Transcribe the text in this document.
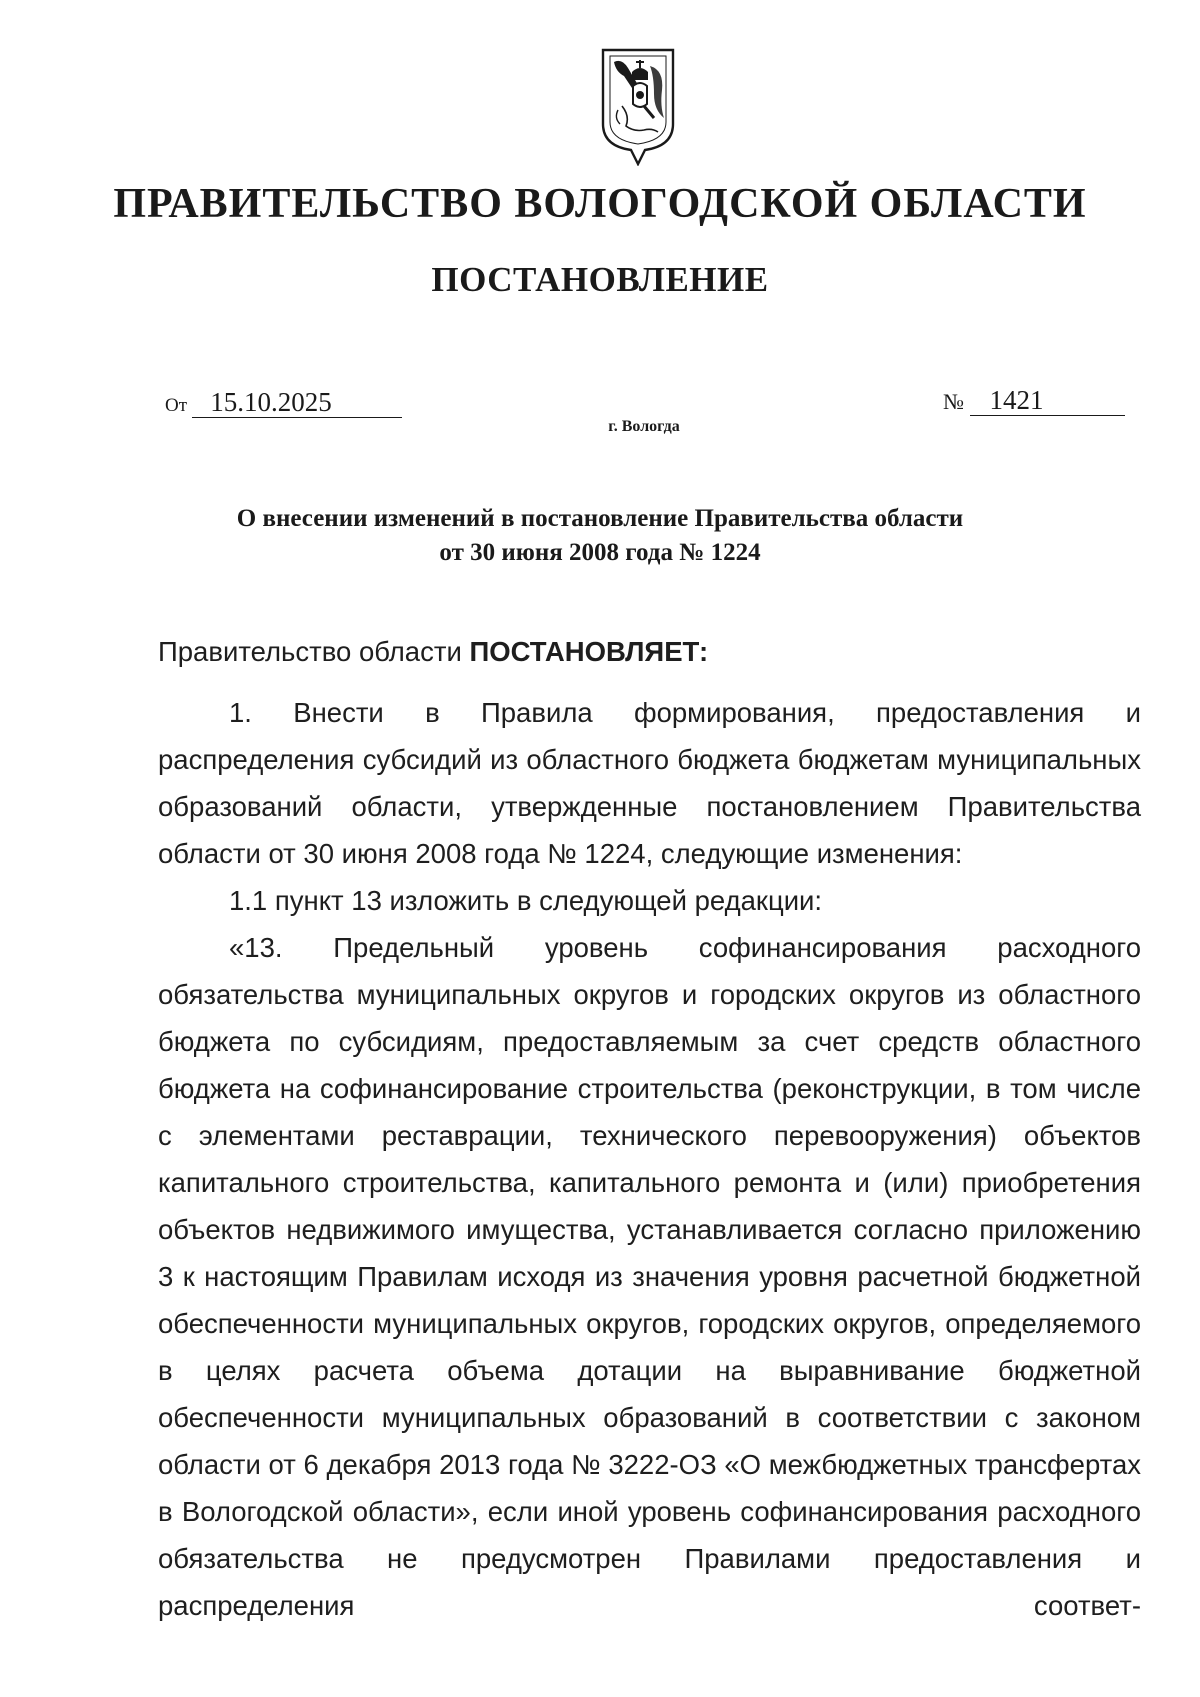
ПРАВИТЕЛЬСТВО ВОЛОГОДСКОЙ ОБЛАСТИ
ПОСТАНОВЛЕНИЕ
От 15.10.2025	№ 1421
г. Вологда
О внесении изменений в постановление Правительства области
от 30 июня 2008 года № 1224

Правительство области ПОСТАНОВЛЯЕТ:

1. Внести в Правила формирования, предоставления и распределения субсидий из областного бюджета бюджетам муниципальных образований области, утвержденные постановлением Правительства области от 30 июня 2008 года № 1224, следующие изменения:

1.1 пункт 13 изложить в следующей редакции:

«13. Предельный уровень софинансирования расходного обязательства муниципальных округов и городских округов из областного бюджета по субсидиям, предоставляемым за счет средств областного бюджета на софинансирование строительства (реконструкции, в том числе с элементами реставрации, технического перевооружения) объектов капитального строительства, капитального ремонта и (или) приобретения объектов недвижимого имущества, устанавливается согласно приложению 3 к настоящим Правилам исходя из значения уровня расчетной бюджетной обеспеченности муниципальных округов, городских округов, определяемого в целях расчета объема дотации на выравнивание бюджетной обеспеченности муниципальных образований в соответствии с законом области от 6 декабря 2013 года № 3222-ОЗ «О межбюджетных трансфертах в Вологодской области», если иной уровень софинансирования расходного обязательства не предусмотрен Правилами предоставления и распределения соответ-
